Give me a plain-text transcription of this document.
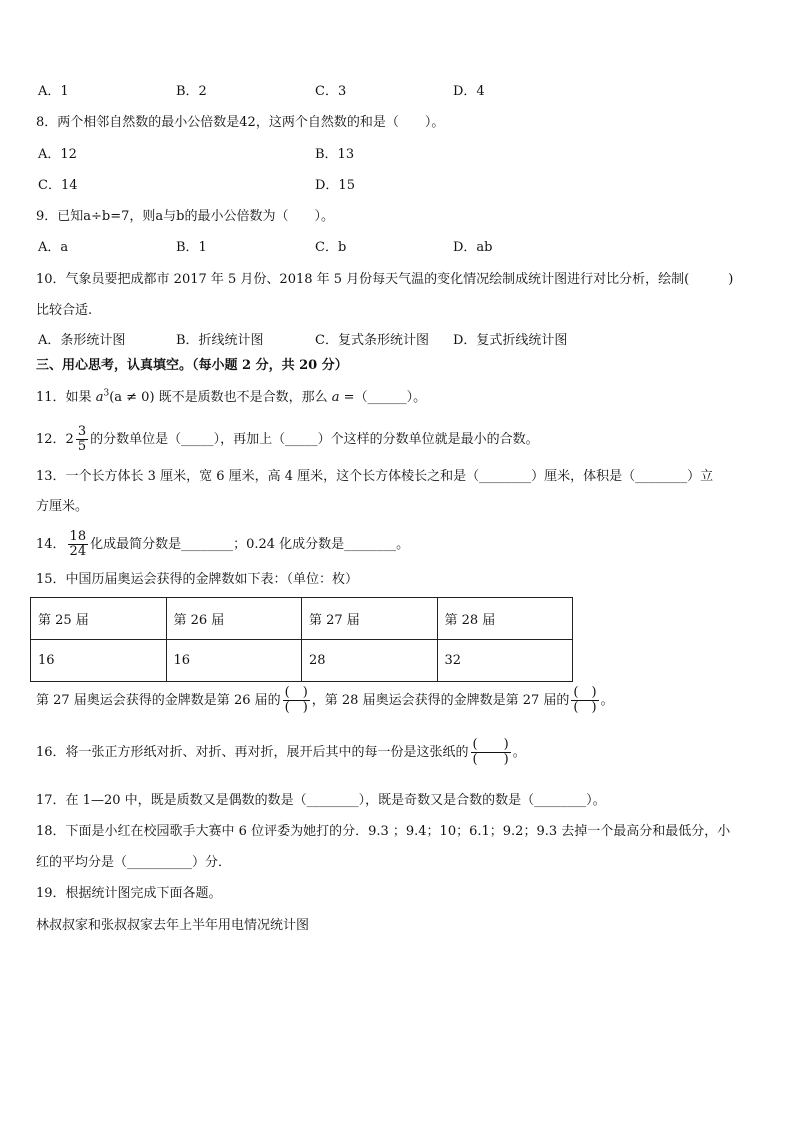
A．1	B．2	C．3	D．4
8．两个相邻自然数的最小公倍数是42，这两个自然数的和是（　　）。
A．12	B．13
C．14	D．15
9．已知a÷b=7，则a与b的最小公倍数为（　　）。
A．a	B．1	C．b	D．ab
10．气象员要把成都市 2017 年 5 月份、2018 年 5 月份每天气温的变化情况绘制成统计图进行对比分析，绘制(　　　)
比较合适.
A．条形统计图	B．折线统计图	C．复式条形统计图 D．复式折线统计图
三、用心思考，认真填空。（每小题 2 分，共 20 分）
11．如果 $a^3(a \ne 0)$ 既不是质数也不是合数，那么 a =（______）。
12．$2 \frac{3}{5}$ 的分数单位是（_____），再加上（_____）个这样的分数单位就是最小的合数。
13．一个长方体长 3 厘米，宽 6 厘米，高 4 厘米，这个长方体棱长之和是（________）厘米，体积是（________）立
方厘米。
14． $\frac{18}{24}$ 化成最简分数是________；0.24 化成分数是________。
15．中国历届奥运会获得的金牌数如下表：（单位：枚）
第 25 届	第 26 届	第 27 届	第 28 届
16	16	28	32
第 27 届奥运会获得的金牌数是第 26 届的 $\frac{( )}{( )}$ ，第 28 届奥运会获得的金牌数是第 27 届的 $\frac{( )}{( )}$ 。
16．将一张正方形纸对折、对折、再对折，展开后其中的每一份是这张纸的 $\frac{( )}{( )}$ 。
17．在 1—20 中，既是质数又是偶数的数是（________），既是奇数又是合数的数是（________）。
18．下面是小红在校园歌手大赛中 6 位评委为她打的分．9.3 ；9.4；10；6.1；9.2；9.3 去掉一个最高分和最低分，小
红的平均分是（__________）分．
19．根据统计图完成下面各题。
林叔叔家和张叔叔家去年上半年用电情况统计图
